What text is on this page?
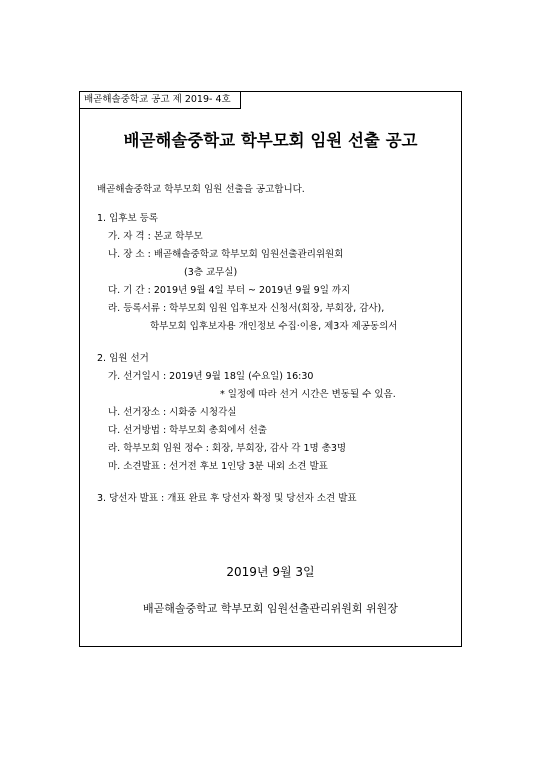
배곧해솔중학교 공고 제 2019- 4호
배곧해솔중학교 학부모회 임원 선출 공고
배곧해솔중학교 학부모회 임원 선출을 공고합니다.
1. 입후보 등록
가. 자 격 : 본교 학부모
나. 장 소 : 배곧해솔중학교 학부모회 임원선출관리위원회
(3층 교무실)
다. 기 간 : 2019년 9월 4일 부터 ~ 2019년 9월 9일 까지
라. 등록서류 : 학부모회 임원 입후보자 신청서(회장, 부회장, 감사),
학부모회 입후보자용 개인정보 수집·이용, 제3자 제공동의서
2. 임원 선거
가. 선거일시 : 2019년 9월 18일 (수요일) 16:30
* 일정에 따라 선거 시간은 변동될 수 있음.
나. 선거장소 : 시화중 시청각실
다. 선거방법 : 학부모회 총회에서 선출
라. 학부모회 임원 정수 : 회장, 부회장, 감사 각 1명 총3명
마. 소견발표 : 선거전 후보 1인당 3분 내외 소견 발표
3. 당선자 발표 : 개표 완료 후 당선자 확정 및 당선자 소견 발표
2019년 9월 3일
배곧해솔중학교 학부모회 임원선출관리위원회 위원장
